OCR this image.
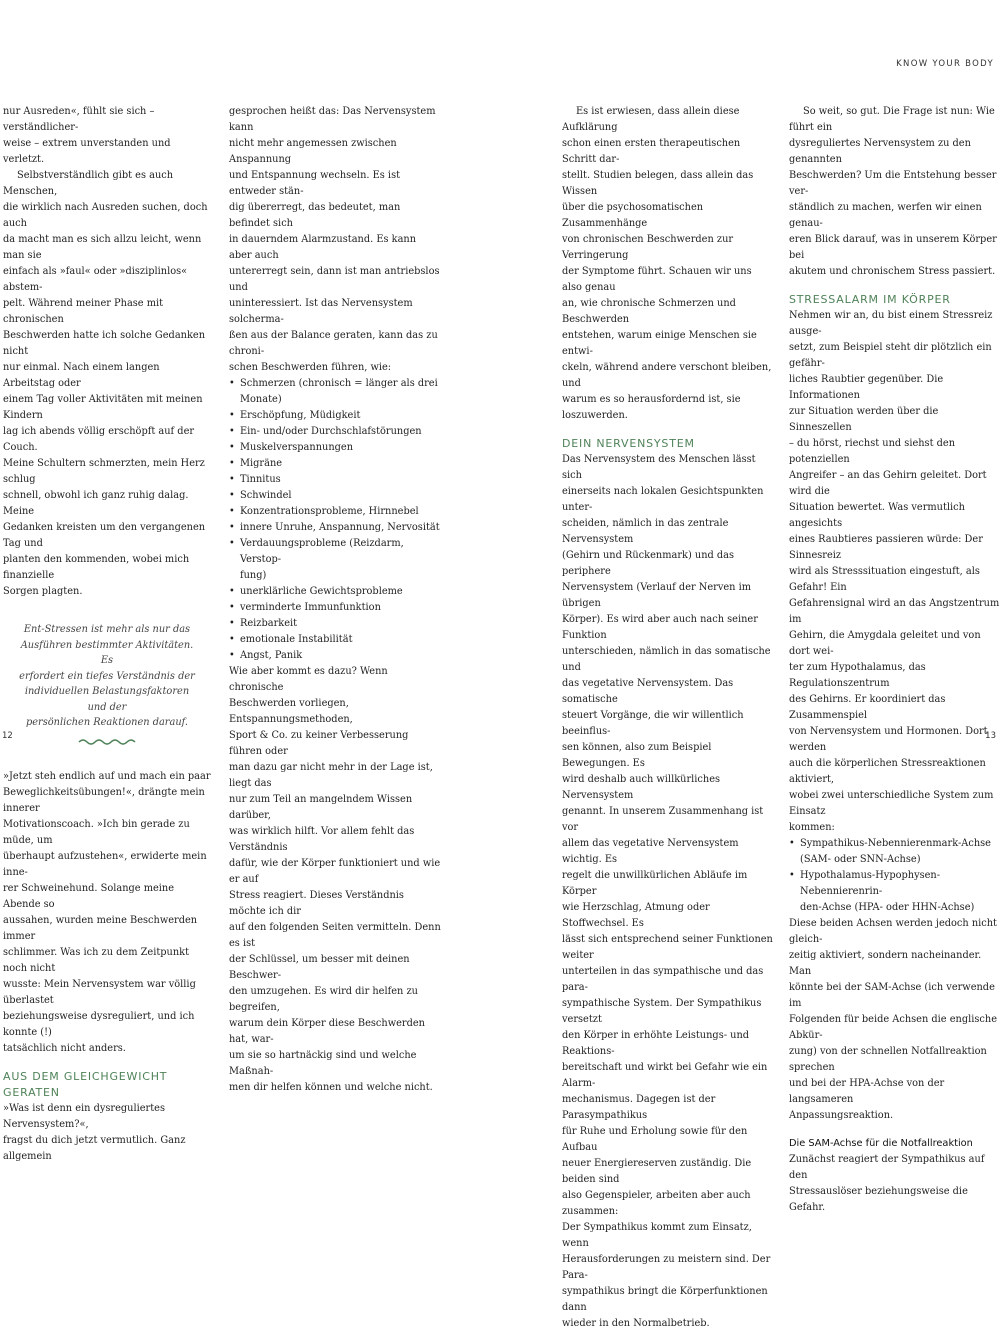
KNOW YOUR BODY

nur Ausreden«, fühlt sie sich – verständlicher-
weise – extrem unverstanden und verletzt.

Selbstverständlich gibt es auch Menschen,
die wirklich nach Ausreden suchen, doch auch
da macht man es sich allzu leicht, wenn man sie
einfach als »faul« oder »disziplinlos« abstem-
pelt. Während meiner Phase mit chronischen
Beschwerden hatte ich solche Gedanken nicht
nur einmal. Nach einem langen Arbeitstag oder
einem Tag voller Aktivitäten mit meinen Kindern
lag ich abends völlig erschöpft auf der Couch.
Meine Schultern schmerzten, mein Herz schlug
schnell, obwohl ich ganz ruhig dalag. Meine
Gedanken kreisten um den vergangenen Tag und
planten den kommenden, wobei mich finanzielle
Sorgen plagten.

Ent-Stressen ist mehr als nur das
Ausführen bestimmter Aktivitäten. Es
erfordert ein tiefes Verständnis der
individuellen Belastungsfaktoren und der
persönlichen Reaktionen darauf.

»Jetzt steh endlich auf und mach ein paar
Beweglichkeitsübungen!«, drängte mein innerer
Motivationscoach. »Ich bin gerade zu müde, um
überhaupt aufzustehen«, erwiderte mein inne-
rer Schweinehund. Solange meine Abende so
aussahen, wurden meine Beschwerden immer
schlimmer. Was ich zu dem Zeitpunkt noch nicht
wusste: Mein Nervensystem war völlig überlastet
beziehungsweise dysreguliert, und ich konnte (!)
tatsächlich nicht anders.

AUS DEM GLEICHGEWICHT GERATEN

»Was ist denn ein dysreguliertes Nervensystem?«,
fragst du dich jetzt vermutlich. Ganz allgemein

gesprochen heißt das: Das Nervensystem kann
nicht mehr angemessen zwischen Anspannung
und Entspannung wechseln. Es ist entweder stän-
dig übererregt, das bedeutet, man befindet sich
in dauerndem Alarmzustand. Es kann aber auch
untererregt sein, dann ist man antriebslos und
uninteressiert. Ist das Nervensystem solcherma-
ßen aus der Balance geraten, kann das zu chroni-
schen Beschwerden führen, wie:

• Schmerzen (chronisch = länger als drei
Monate)
• Erschöpfung, Müdigkeit
• Ein- und/oder Durchschlafstörungen
• Muskelverspannungen
• Migräne
• Tinnitus
• Schwindel
• Konzentrationsprobleme, Hirnnebel
• innere Unruhe, Anspannung, Nervosität
• Verdauungsprobleme (Reizdarm, Verstop-
fung)
• unerklärliche Gewichtsprobleme
• verminderte Immunfunktion
• Reizbarkeit
• emotionale Instabilität
• Angst, Panik

Wie aber kommt es dazu? Wenn chronische
Beschwerden vorliegen, Entspannungsmethoden,
Sport & Co. zu keiner Verbesserung führen oder
man dazu gar nicht mehr in der Lage ist, liegt das
nur zum Teil an mangelndem Wissen darüber,
was wirklich hilft. Vor allem fehlt das Verständnis
dafür, wie der Körper funktioniert und wie er auf
Stress reagiert. Dieses Verständnis möchte ich dir
auf den folgenden Seiten vermitteln. Denn es ist
der Schlüssel, um besser mit deinen Beschwer-
den umzugehen. Es wird dir helfen zu begreifen,
warum dein Körper diese Beschwerden hat, war-
um sie so hartnäckig sind und welche Maßnah-
men dir helfen können und welche nicht.

Es ist erwiesen, dass allein diese Aufklärung
schon einen ersten therapeutischen Schritt dar-
stellt. Studien belegen, dass allein das Wissen
über die psychosomatischen Zusammenhänge
von chronischen Beschwerden zur Verringerung
der Symptome führt. Schauen wir uns also genau
an, wie chronische Schmerzen und Beschwerden
entstehen, warum einige Menschen sie entwi-
ckeln, während andere verschont bleiben, und
warum es so herausfordernd ist, sie loszuwerden.

DEIN NERVENSYSTEM

Das Nervensystem des Menschen lässt sich
einerseits nach lokalen Gesichtspunkten unter-
scheiden, nämlich in das zentrale Nervensystem
(Gehirn und Rückenmark) und das periphere
Nervensystem (Verlauf der Nerven im übrigen
Körper). Es wird aber auch nach seiner Funktion
unterschieden, nämlich in das somatische und
das vegetative Nervensystem. Das somatische
steuert Vorgänge, die wir willentlich beeinflus-
sen können, also zum Beispiel Bewegungen. Es
wird deshalb auch willkürliches Nervensystem
genannt. In unserem Zusammenhang ist vor
allem das vegetative Nervensystem wichtig. Es
regelt die unwillkürlichen Abläufe im Körper
wie Herzschlag, Atmung oder Stoffwechsel. Es
lässt sich entsprechend seiner Funktionen weiter
unterteilen in das sympathische und das para-
sympathische System. Der Sympathikus versetzt
den Körper in erhöhte Leistungs- und Reaktions-
bereitschaft und wirkt bei Gefahr wie ein Alarm-
mechanismus. Dagegen ist der Parasympathikus
für Ruhe und Erholung sowie für den Aufbau
neuer Energiereserven zuständig. Die beiden sind
also Gegenspieler, arbeiten aber auch zusammen:
Der Sympathikus kommt zum Einsatz, wenn
Herausforderungen zu meistern sind. Der Para-
sympathikus bringt die Körperfunktionen dann
wieder in den Normalbetrieb.

So weit, so gut. Die Frage ist nun: Wie führt ein
dysreguliertes Nervensystem zu den genannten
Beschwerden? Um die Entstehung besser ver-
ständlich zu machen, werfen wir einen genau-
eren Blick darauf, was in unserem Körper bei
akutem und chronischem Stress passiert.

STRESSALARM IM KÖRPER

Nehmen wir an, du bist einem Stressreiz ausge-
setzt, zum Beispiel steht dir plötzlich ein gefähr-
liches Raubtier gegenüber. Die Informationen
zur Situation werden über die Sinneszellen
– du hörst, riechst und siehst den potenziellen
Angreifer – an das Gehirn geleitet. Dort wird die
Situation bewertet. Was vermutlich angesichts
eines Raubtieres passieren würde: Der Sinnesreiz
wird als Stresssituation eingestuft, als Gefahr! Ein
Gefahrensignal wird an das Angstzentrum im
Gehirn, die Amygdala geleitet und von dort wei-
ter zum Hypothalamus, das Regulationszentrum
des Gehirns. Er koordiniert das Zusammenspiel
von Nervensystem und Hormonen. Dort werden
auch die körperlichen Stressreaktionen aktiviert,
wobei zwei unterschiedliche System zum Einsatz
kommen:

• Sympathikus-Nebennierenmark-Achse
(SAM- oder SNN-Achse)
• Hypothalamus-Hypophysen-Nebennierenrin-
den-Achse (HPA- oder HHN-Achse)

Diese beiden Achsen werden jedoch nicht gleich-
zeitig aktiviert, sondern nacheinander. Man
könnte bei der SAM-Achse (ich verwende im
Folgenden für beide Achsen die englische Abkür-
zung) von der schnellen Notfallreaktion sprechen
und bei der HPA-Achse von der langsameren
Anpassungsreaktion.

Die SAM-Achse für die Notfallreaktion

Zunächst reagiert der Sympathikus auf den
Stressauslöser beziehungsweise die Gefahr.

12	13
